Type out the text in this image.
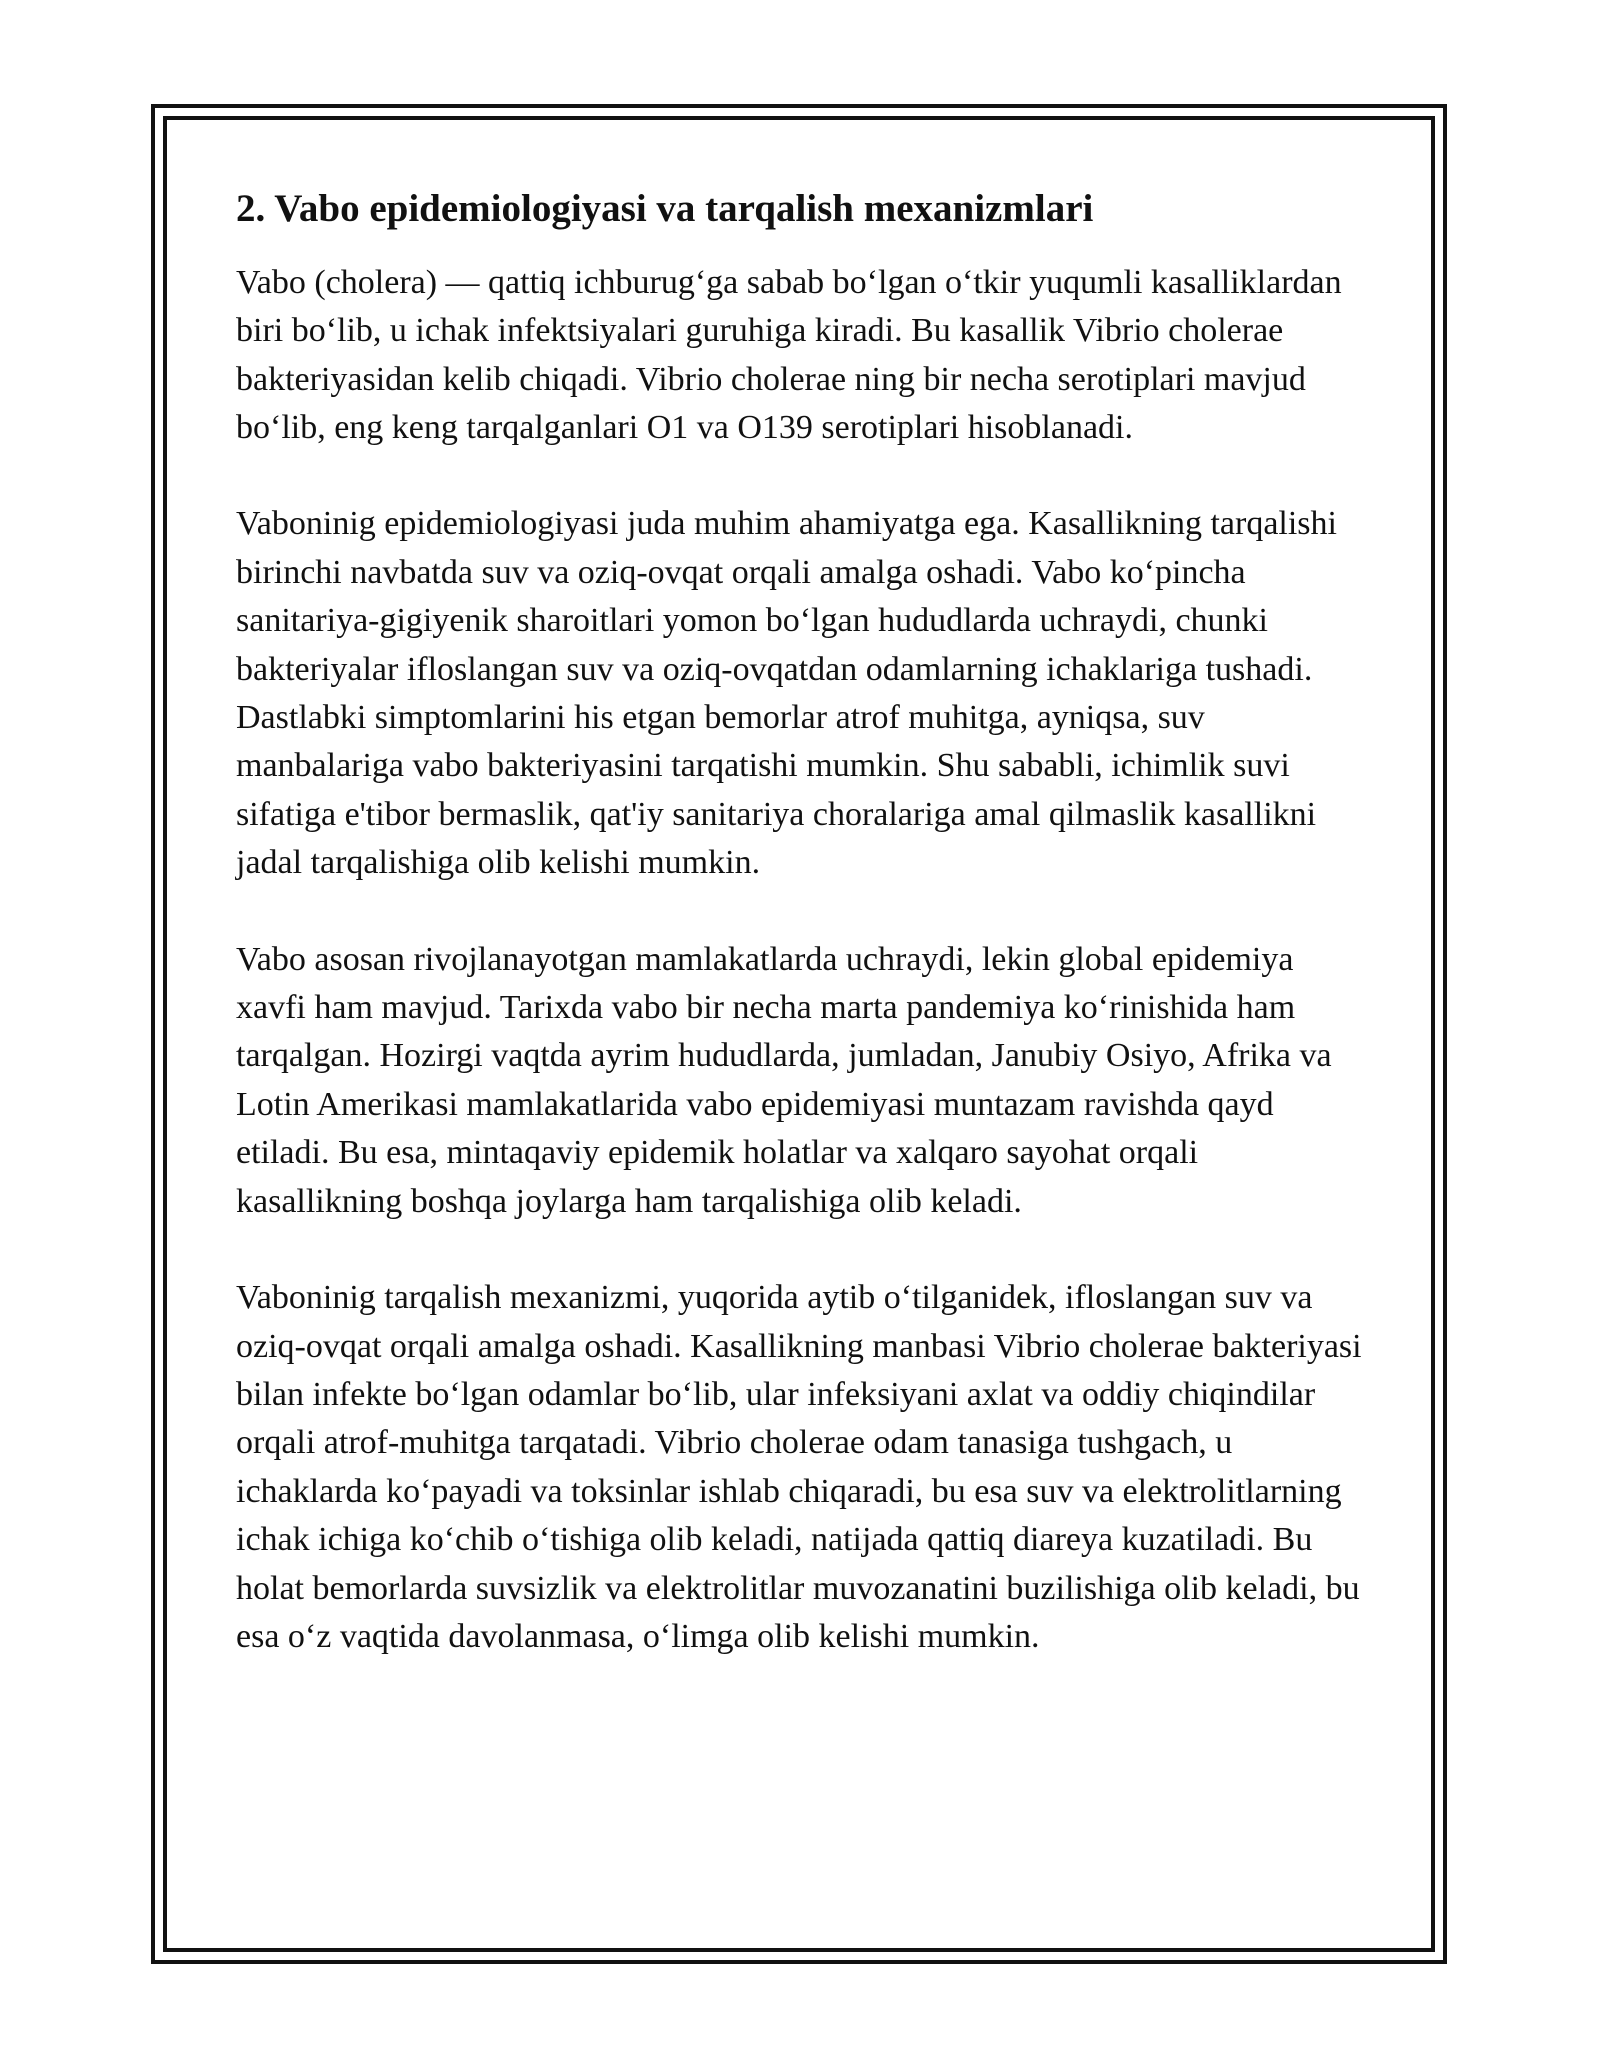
2. Vabo epidemiologiyasi va tarqalish mexanizmlari

Vabo (cholera) — qattiq ichburug‘ga sabab bo‘lgan o‘tkir yuqumli kasalliklardan biri bo‘lib, u ichak infektsiyalari guruhiga kiradi. Bu kasallik Vibrio cholerae bakteriyasidan kelib chiqadi. Vibrio cholerae ning bir necha serotiplari mavjud bo‘lib, eng keng tarqalganlari O1 va O139 serotiplari hisoblanadi.

Vaboninig epidemiologiyasi juda muhim ahamiyatga ega. Kasallikning tarqalishi birinchi navbatda suv va oziq-ovqat orqali amalga oshadi. Vabo ko‘pincha sanitariya-gigiyenik sharoitlari yomon bo‘lgan hududlarda uchraydi, chunki bakteriyalar ifloslangan suv va oziq-ovqatdan odamlarning ichaklariga tushadi. Dastlabki simptomlarini his etgan bemorlar atrof muhitga, ayniqsa, suv manbalariga vabo bakteriyasini tarqatishi mumkin. Shu sababli, ichimlik suvi sifatiga e'tibor bermaslik, qat'iy sanitariya choralariga amal qilmaslik kasallikni jadal tarqalishiga olib kelishi mumkin.

Vabo asosan rivojlanayotgan mamlakatlarda uchraydi, lekin global epidemiya xavfi ham mavjud. Tarixda vabo bir necha marta pandemiya ko‘rinishida ham tarqalgan. Hozirgi vaqtda ayrim hududlarda, jumladan, Janubiy Osiyo, Afrika va Lotin Amerikasi mamlakatlarida vabo epidemiyasi muntazam ravishda qayd etiladi. Bu esa, mintaqaviy epidemik holatlar va xalqaro sayohat orqali kasallikning boshqa joylarga ham tarqalishiga olib keladi.

Vaboninig tarqalish mexanizmi, yuqorida aytib o‘tilganidek, ifloslangan suv va oziq-ovqat orqali amalga oshadi. Kasallikning manbasi Vibrio cholerae bakteriyasi bilan infekte bo‘lgan odamlar bo‘lib, ular infeksiyani axlat va oddiy chiqindilar orqali atrof-muhitga tarqatadi. Vibrio cholerae odam tanasiga tushgach, u ichaklarda ko‘payadi va toksinlar ishlab chiqaradi, bu esa suv va elektrolitlarning ichak ichiga ko‘chib o‘tishiga olib keladi, natijada qattiq diareya kuzatiladi. Bu holat bemorlarda suvsizlik va elektrolitlar muvozanatini buzilishiga olib keladi, bu esa o‘z vaqtida davolanmasa, o‘limga olib kelishi mumkin.
